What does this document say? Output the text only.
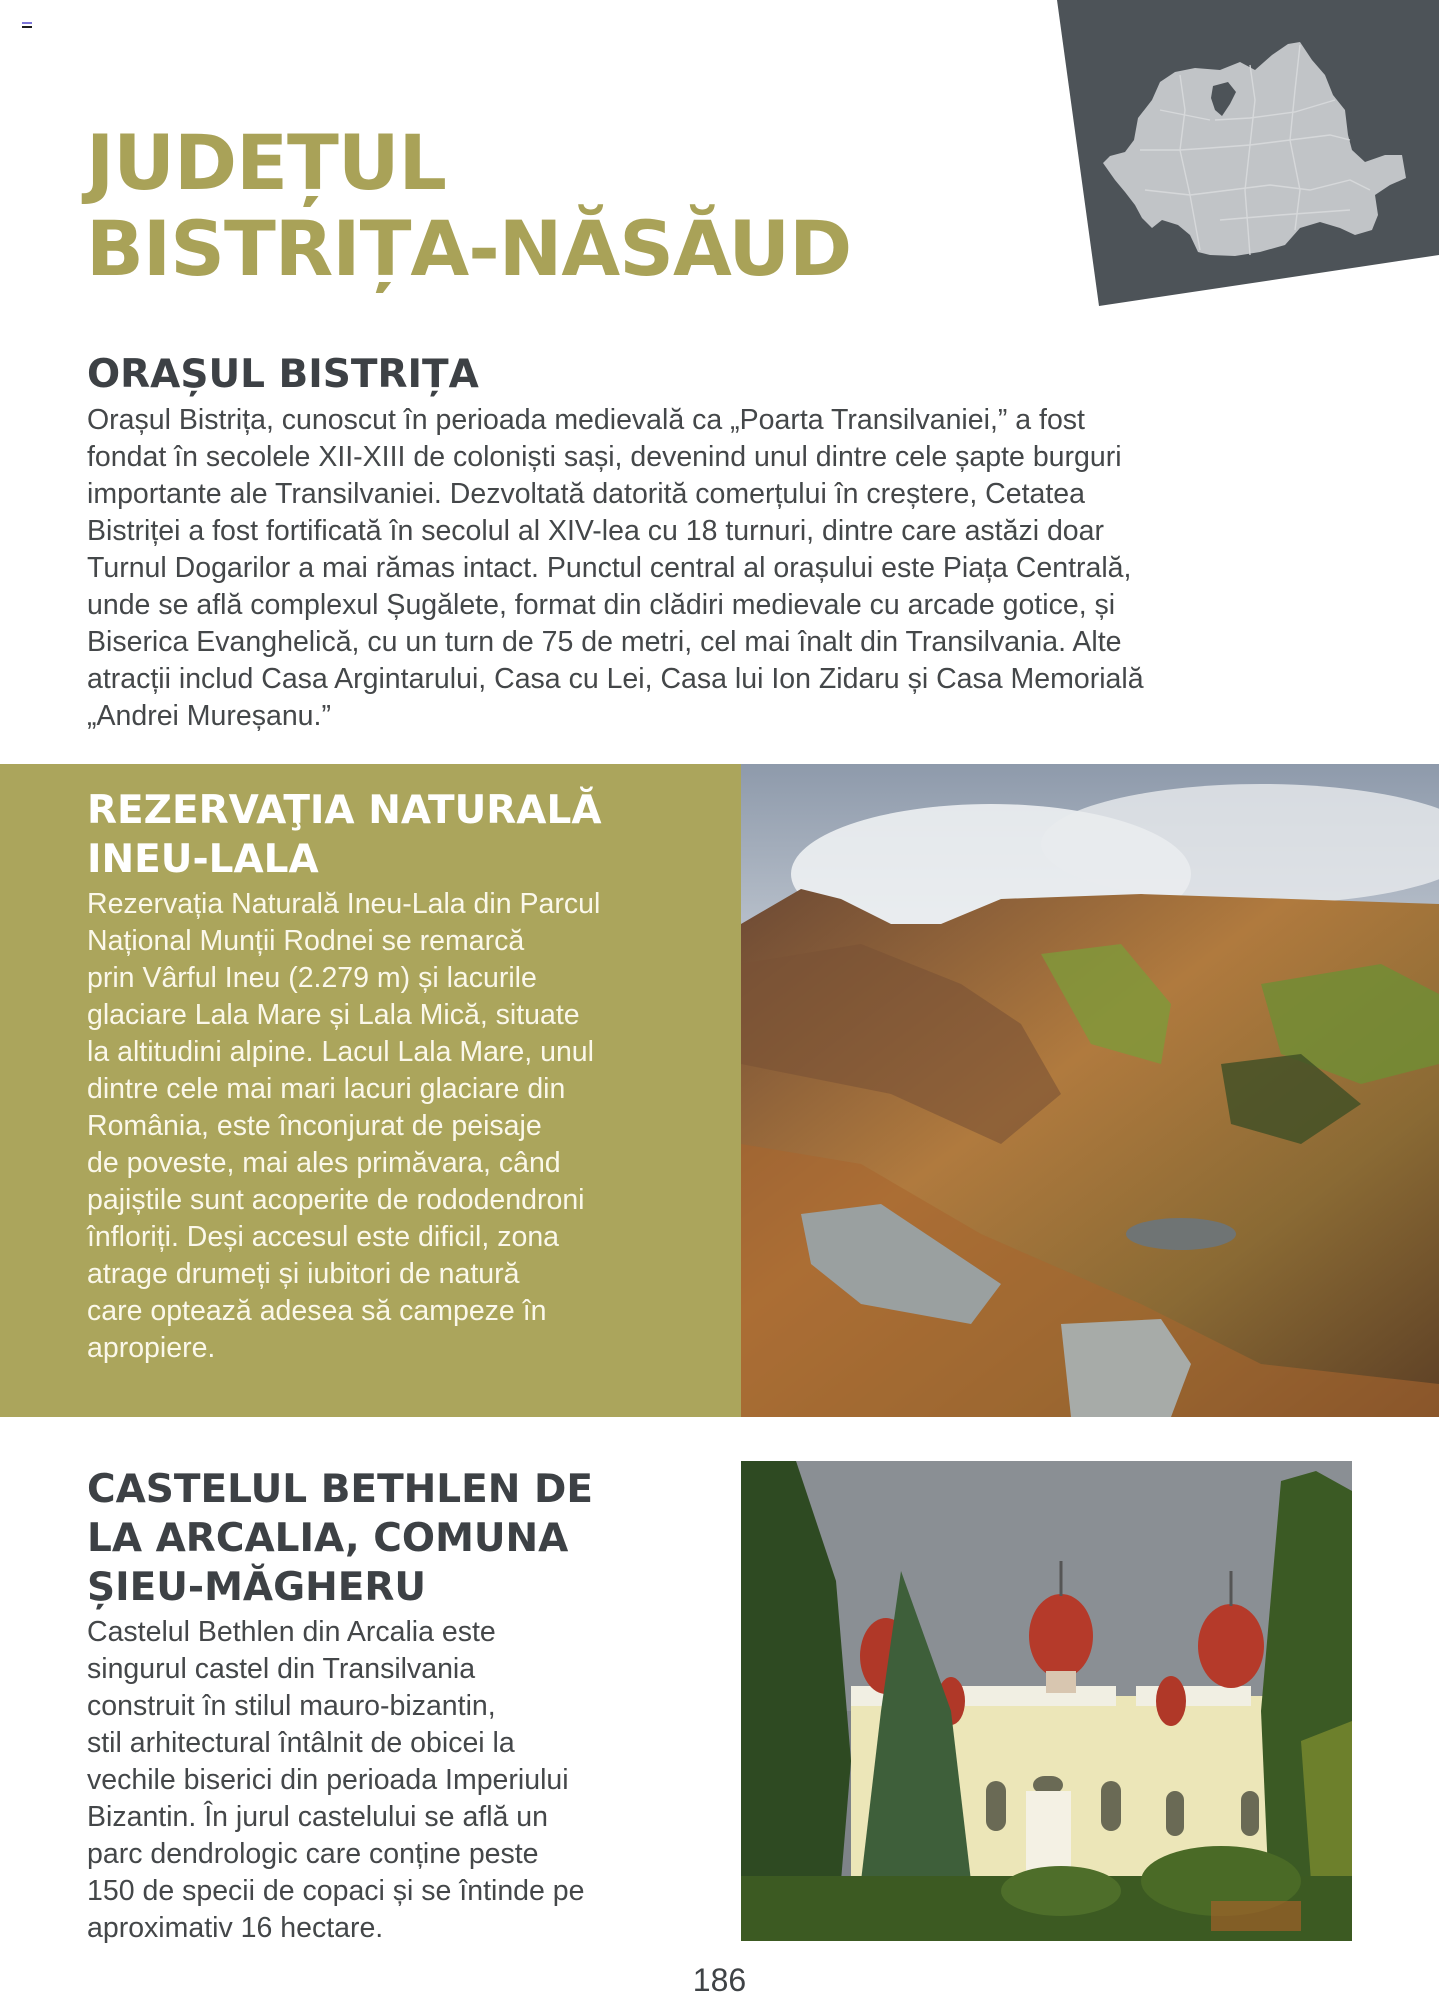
JUDEȚUL
BISTRIȚA-NĂSĂUD
ORAȘUL BISTRIȚA
Orașul Bistrița, cunoscut în perioada medievală ca „Poarta Transilvaniei,” a fost
fondat în secolele XII-XIII de coloniști sași, devenind unul dintre cele șapte burguri
importante ale Transilvaniei. Dezvoltată datorită comerțului în creștere, Cetatea
Bistriței a fost fortificată în secolul al XIV-lea cu 18 turnuri, dintre care astăzi doar
Turnul Dogarilor a mai rămas intact. Punctul central al orașului este Piața Centrală,
unde se află complexul Șugălete, format din clădiri medievale cu arcade gotice, și
Biserica Evanghelică, cu un turn de 75 de metri, cel mai înalt din Transilvania. Alte
atracții includ Casa Argintarului, Casa cu Lei, Casa lui Ion Zidaru și Casa Memorială
„Andrei Mureșanu.”
REZERVAŢIA NATURALĂ
INEU-LALA
Rezervația Naturală Ineu-Lala din Parcul
Național Munții Rodnei se remarcă
prin Vârful Ineu (2.279 m) și lacurile
glaciare Lala Mare și Lala Mică, situate
la altitudini alpine. Lacul Lala Mare, unul
dintre cele mai mari lacuri glaciare din
România, este înconjurat de peisaje
de poveste, mai ales primăvara, când
pajiștile sunt acoperite de rododendroni
înfloriți. Deși accesul este dificil, zona
atrage drumeți și iubitori de natură
care optează adesea să campeze în
apropiere.
CASTELUL BETHLEN DE
LA ARCALIA, COMUNA
ȘIEU-MĂGHERU
Castelul Bethlen din Arcalia este
singurul castel din Transilvania
construit în stilul mauro-bizantin,
stil arhitectural întâlnit de obicei la
vechile biserici din perioada Imperiului
Bizantin. În jurul castelului se află un
parc dendrologic care conține peste
150 de specii de copaci și se întinde pe
aproximativ 16 hectare.
186
